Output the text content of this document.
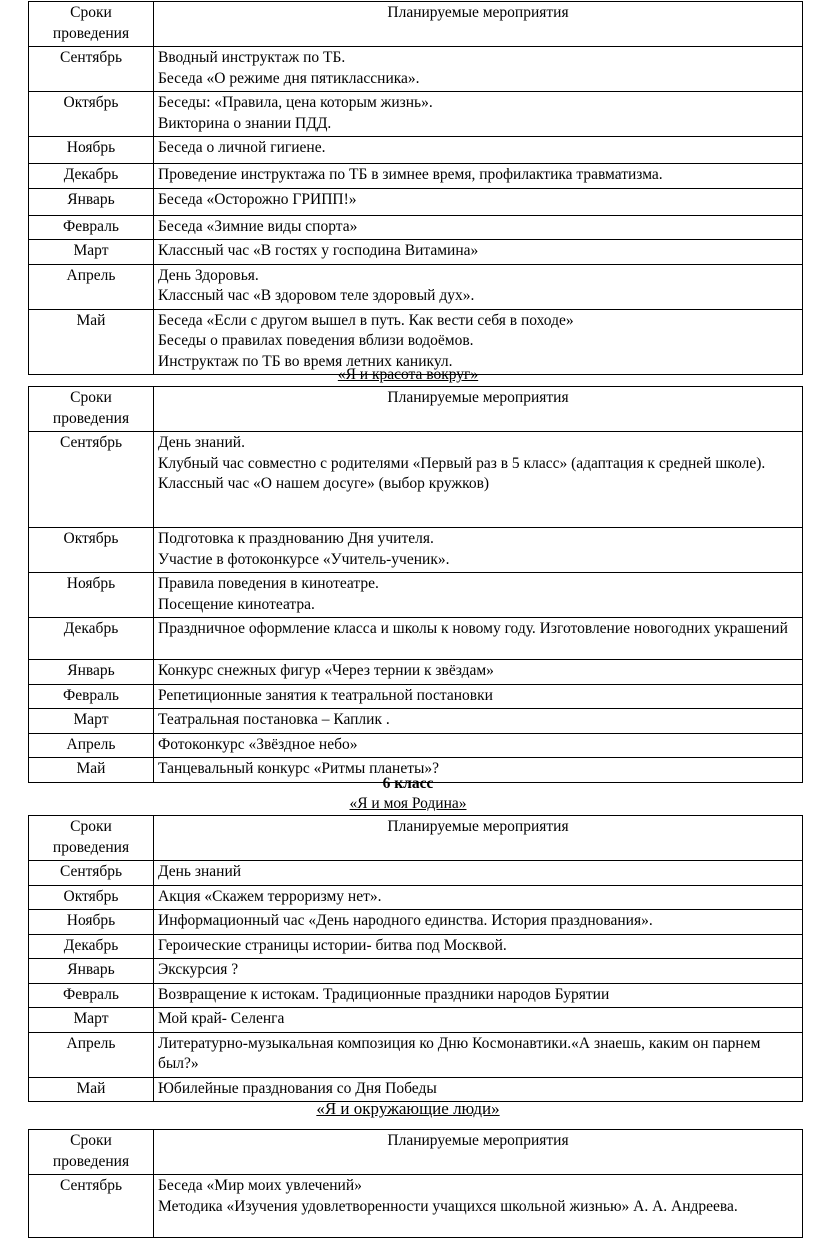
Сроки проведения	Планируемые мероприятия
Сентябрь	Вводный инструктаж по ТБ.
Беседа «О режиме дня пятиклассника».

Октябрь	Беседы: «Правила, цена которым жизнь».
Викторина о знании ПДД.

Ноябрь	Беседа о личной гигиене.

Декабрь	Проведение инструктажа по ТБ в зимнее время, профилактика травматизма.

Январь	Беседа «Осторожно ГРИПП!»

Февраль	Беседа «Зимние виды спорта»

Март	Классный час «В гостях у господина Витамина»

Апрель	День Здоровья.
Классный час «В здоровом теле здоровый дух».

Май	Беседа «Если с другом вышел в путь. Как вести себя в походе»
Беседы о правилах поведения вблизи водоёмов.
Инструктаж по ТБ во время летних каникул.
«Я и красота вокруг»
Сроки проведения	Планируемые мероприятия
Сентябрь	День знаний.
Клубный час совместно с родителями «Первый раз в 5 класс» (адаптация к средней школе).
Классный час «О нашем досуге» (выбор кружков)

Октябрь	Подготовка к празднованию Дня учителя.
Участие в фотоконкурсе «Учитель-ученик».

Ноябрь	Правила поведения в кинотеатре.
Посещение кинотеатра.

Декабрь	Праздничное оформление класса и школы к новому году. Изготовление новогодних украшений

Январь	Конкурс снежных фигур «Через тернии к звёздам»

Февраль	Репетиционные занятия к театральной постановки

Март	Театральная постановка – Каплик .

Апрель	Фотоконкурс «Звёздное небо»

Май	Танцевальный конкурс «Ритмы планеты»?
6 класс
«Я и моя Родина»
Сроки проведения	Планируемые мероприятия
Сентябрь	День знаний

Октябрь	Акция «Скажем терроризму нет».

Ноябрь	Информационный час «День народного единства. История празднования».

Декабрь	Героические страницы истории- битва под Москвой.

Январь	Экскурсия ?

Февраль	Возвращение к истокам. Традиционные праздники народов Бурятии

Март	Мой край- Селенга

Апрель	Литературно-музыкальная композиция ко Дню Космонавтики.«А знаешь, каким он парнем был?»

Май	Юбилейные празднования со Дня Победы
«Я и окружающие люди»
Сроки проведения	Планируемые мероприятия
Сентябрь	Беседа «Мир моих увлечений»
Методика «Изучения удовлетворенности учащихся школьной жизнью» А. А. Андреева.
